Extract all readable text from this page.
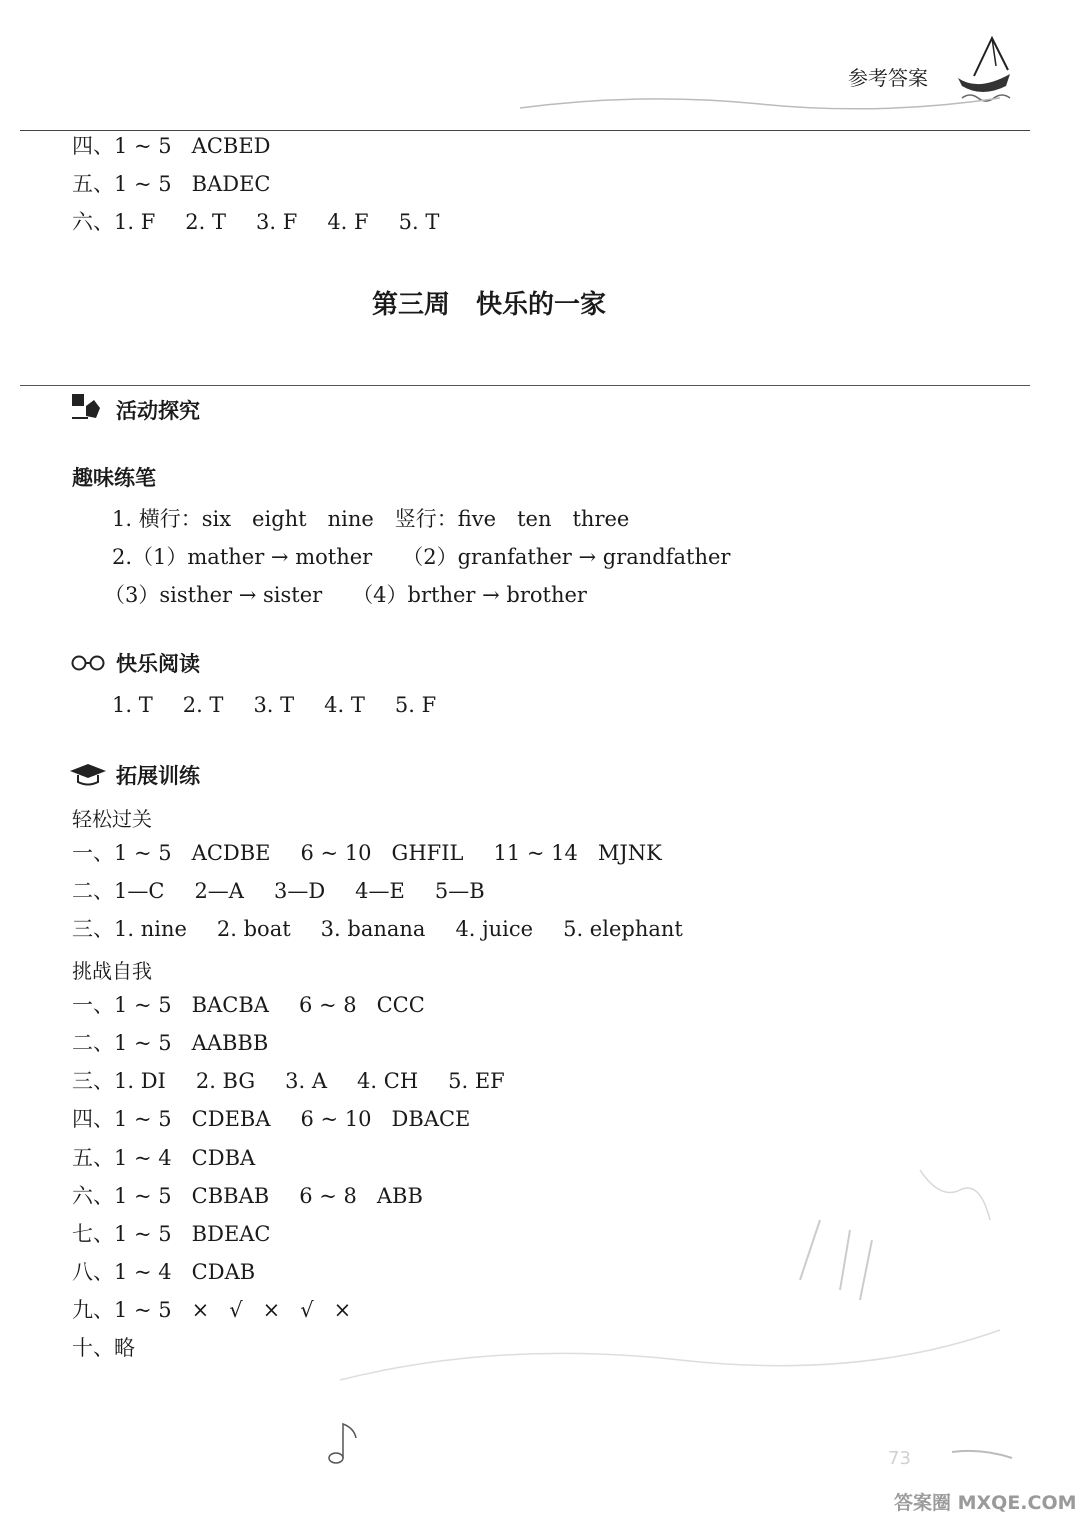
参考答案
四、1 ~ 5 ACBED
五、1 ~ 5 BADEC
六、1. F 2. T 3. F 4. F 5. T
第三周　快乐的一家
活动探究
趣味练笔
1. 横行：six　eight　nine　竖行：five　ten　three
2.（1）mather → mother （2）granfather → grandfather
（3）sisther → sister （4）brther → brother
快乐阅读
1. T 2. T 3. T 4. T 5. F
拓展训练
轻松过关
一、1 ~ 5 ACDBE 6 ~ 10 GHFIL 11 ~ 14 MJNK
二、1—C 2—A 3—D 4—E 5—B
三、1. nine 2. boat 3. banana 4. juice 5. elephant
挑战自我
一、1 ~ 5 BACBA 6 ~ 8 CCC
二、1 ~ 5 AABBB
三、1. DI 2. BG 3. A 4. CH 5. EF
四、1 ~ 5 CDEBA 6 ~ 10 DBACE
五、1 ~ 4 CDBA
六、1 ~ 5 CBBAB 6 ~ 8 ABB
七、1 ~ 5 BDEAC
八、1 ~ 4 CDAB
九、1 ~ 5 × √ × √ ×
十、略
答案圈 MXQE.COM
